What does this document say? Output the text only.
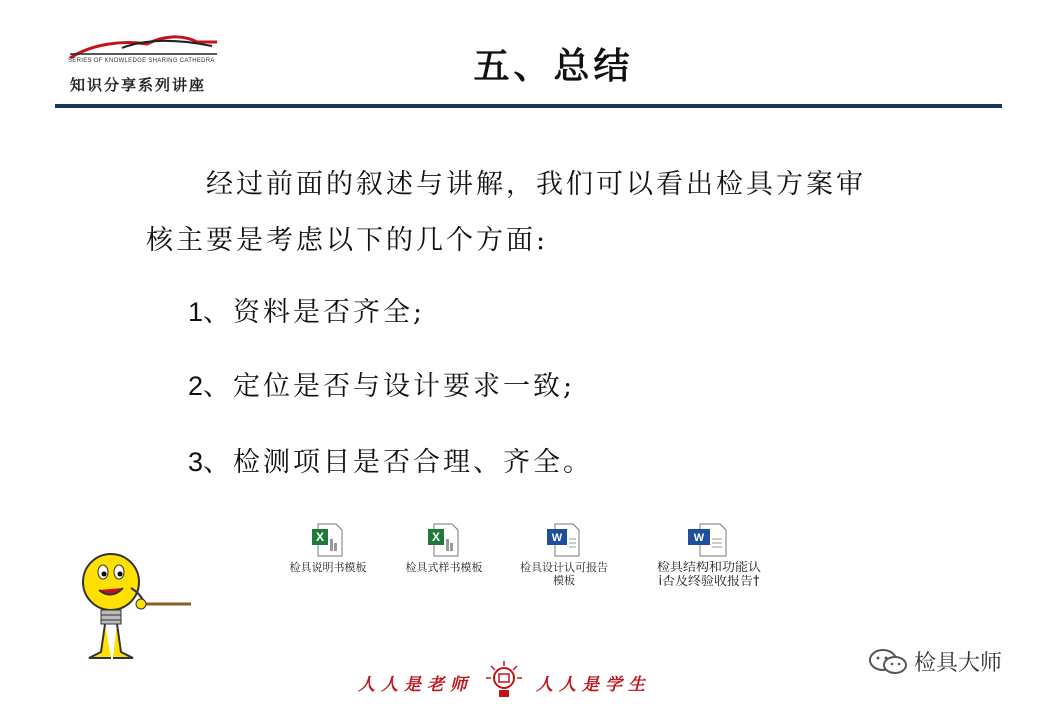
SERIES OF KNOWLEDGE SHARING CATHEDRA
知识分享系列讲座	五、总结
经过前面的叙述与讲解，我们可以看出检具方案审
核主要是考虑以下的几个方面:
1、资料是否齐全;
2、定位是否与设计要求一致;
3、检测项目是否合理、齐全。
X
检具说明书模板
X
检具式样书模板
W
检具设计认可报告
模板
W
检具结构和功能认
i否及终验收报告†
检具大师
人人是老师	人人是学生
